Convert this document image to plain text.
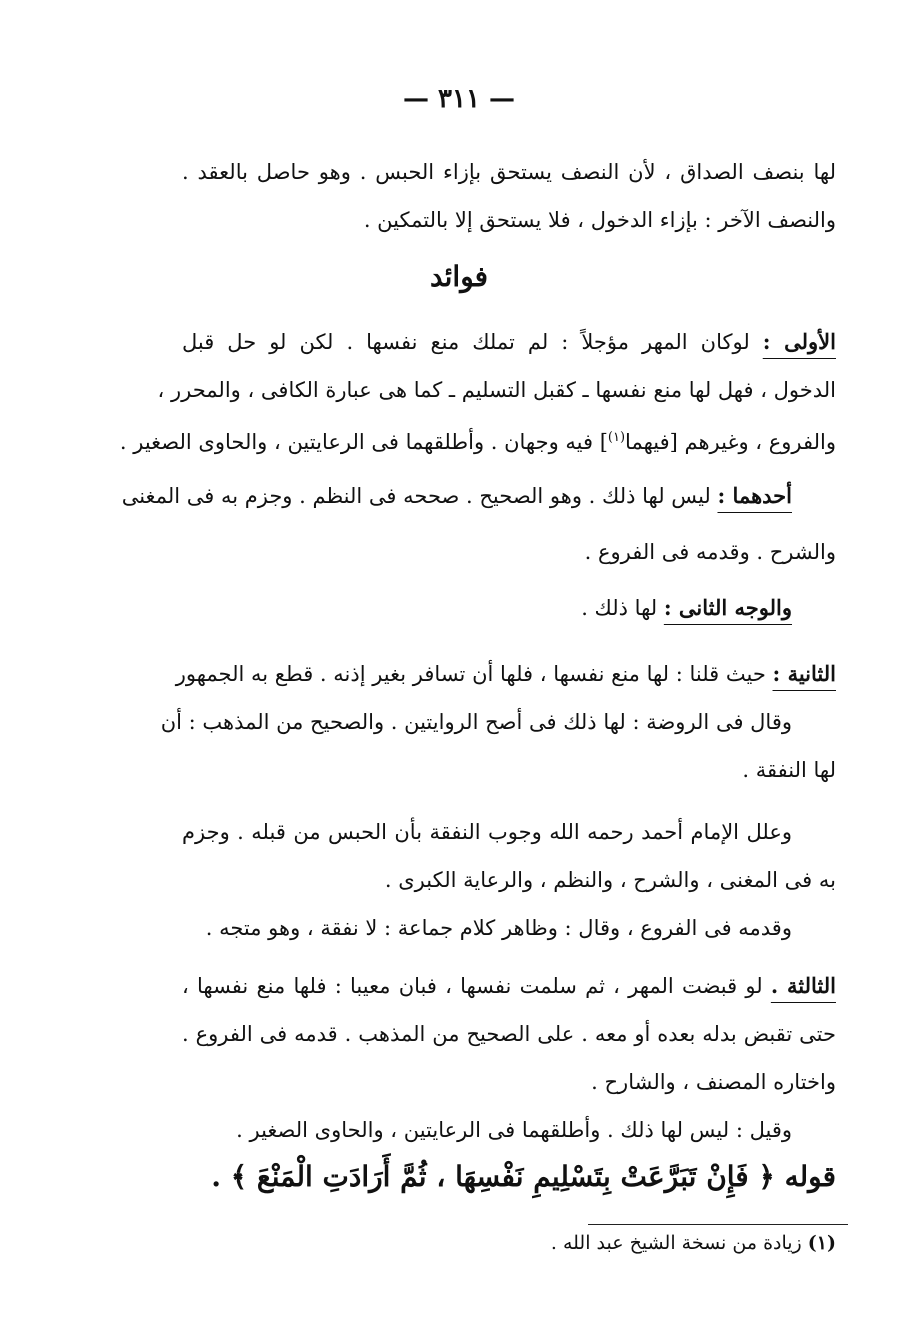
— ٣١١ —
لها بنصف الصداق ، لأن النصف يستحق بإزاء الحبس . وهو حاصل بالعقد .
والنصف الآخر : بإزاء الدخول ، فلا يستحق إلا بالتمكين .
فوائد
الأولى : لوكان المهر مؤجلاً : لم تملك منع نفسها . لكن لو حل قبل
الدخول ، فهل لها منع نفسها ـ كقبل التسليم ـ كما هى عبارة الكافى ، والمحرر ،
والفروع ، وغيرهم [فيهما$^{(١)}$] فيه وجهان . وأطلقهما فى الرعايتين ، والحاوى الصغير .
أحدهما : ليس لها ذلك . وهو الصحيح . صححه فى النظم . وجزم به فى المغنى
والشرح . وقدمه فى الفروع .
والوجه الثانى : لها ذلك .
الثانية : حيث قلنا : لها منع نفسها ، فلها أن تسافر بغير إذنه . قطع به الجمهور
وقال فى الروضة : لها ذلك فى أصح الروايتين . والصحيح من المذهب : أن
لها النفقة .
وعلل الإمام أحمد رحمه الله وجوب النفقة بأن الحبس من قبله . وجزم
به فى المغنى ، والشرح ، والنظم ، والرعاية الكبرى .
وقدمه فى الفروع ، وقال : وظاهر كلام جماعة : لا نفقة ، وهو متجه .
الثالثة . لو قبضت المهر ، ثم سلمت نفسها ، فبان معيبا : فلها منع نفسها ،
حتى تقبض بدله بعده أو معه . على الصحيح من المذهب . قدمه فى الفروع .
واختاره المصنف ، والشارح .
وقيل : ليس لها ذلك . وأطلقهما فى الرعايتين ، والحاوى الصغير .
قوله ﴿ فَإِنْ تَبَرَّعَتْ بِتَسْلِيمِ نَفْسِهَا ، ثُمَّ أَرَادَتِ الْمَنْعَ ﴾ .
(١) زيادة من نسخة الشيخ عبد الله .
